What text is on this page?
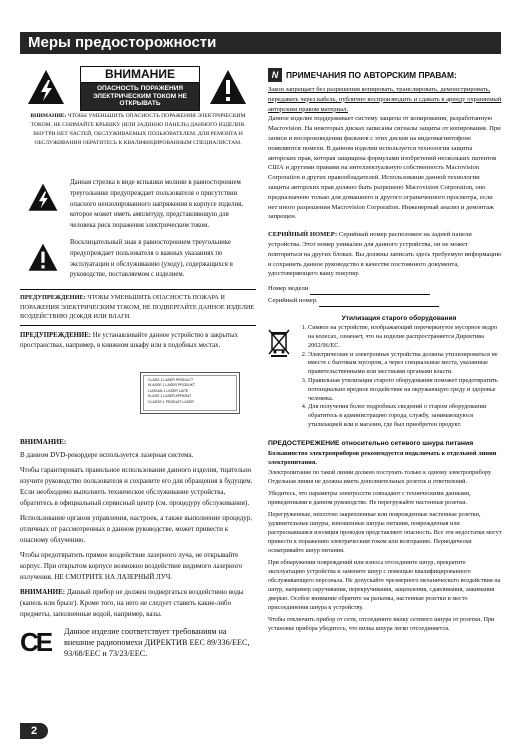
Меры предосторожности
ВНИМАНИЕ
ОПАСНОСТЬ ПОРАЖЕНИЯ ЭЛЕКТРИЧЕСКИМ ТОКОМ НЕ ОТКРЫВАТЬ
ВНИМАНИЕ: ЧТОБЫ УМЕНЬШИТЬ ОПАСНОСТЬ ПОРАЖЕНИЯ ЭЛЕКТРИЧЕСКИМ ТОКОМ, НЕ СНИМАЙТЕ КРЫШКУ (ИЛИ ЗАДНЮЮ ПАНЕЛЬ) ДАННОГО ИЗДЕЛИЯ. ВНУТРИ НЕТ ЧАСТЕЙ, ОБСЛУЖИВАЕМЫХ ПОЛЬЗОВАТЕЛЕМ. ДЛЯ РЕМОНТА И ОБСЛУЖИВАНИЯ ОБРАТИТЕСЬ К КВАЛИФИЦИРОВАННЫМ СПЕЦИАЛИСТАМ.

Данная стрелка в виде вспышки молнии в равностороннем треугольнике предупреждает пользователя о присутствии опасного неизолированного напряжения в корпусе изделия, которое может иметь амплитуду, представляющую для человека риск поражения электрическим током.

Восклицательный знак в равностороннем треугольнике предупреждает пользователя о важных указаниях по эксплуатации и обслуживанию (уходу), содержащихся в руководстве, поставляемом с изделием.

ПРЕДУПРЕЖДЕНИЕ: ЧТОБЫ УМЕНЬШИТЬ ОПАСНОСТЬ ПОЖАРА И ПОРАЖЕНИЯ ЭЛЕКТРИЧЕСКИМ ТОКОМ, НЕ ПОДВЕРГАЙТЕ ДАННОЕ ИЗДЕЛИЕ ВОЗДЕЙСТВИЮ ДОЖДЯ ИЛИ ВЛАГИ.

ПРЕДУПРЕЖДЕНИЕ: Не устанавливайте данное устройство в закрытых пространствах, например, в книжном шкафу или в подобных местах.

CLASS 1 LASER PRODUCT
KLASSE 1 LASER PRODUKT
LUOKAN 1 LASER LAITE
KLASS 1 LASER APPARAT
CLASSE 1 PRODUIT LASER

ВНИМАНИЕ:

В данном DVD-рекордере используется лазерная система.

Чтобы гарантировать правильное использование данного изделия, тщательно изучите руководство пользователя и сохраните его для обращения в будущем. Если необходимо выполнить техническое обслуживание устройства, обратитесь в официальный сервисный центр (см. процедуру обслуживания).

Использование органов управления, настроек, а также выполнение процедур, отличных от рассмотренных в данном руководстве, может привести к опасному облучению.

Чтобы предотвратить прямое воздействие лазерного луча, не открывайте корпус. При открытом корпусе возможно воздействие видимого лазерного излучения. НЕ СМОТРИТЕ НА ЛАЗЕРНЫЙ ЛУЧ.

ВНИМАНИЕ: Данный прибор не должен подвергаться воздействию воды (капель или брызг). Кроме того, на него не следует ставить какие-либо предметы, заполненные водой, например, вазы.

CE	Данное изделие соответствует требованиям на внешние радиопомехи ДИРЕКТИВ EEC 89/336/EEC, 93/68/EEC и 73/23/EEC.

N ПРИМЕЧАНИЯ ПО АВТОРСКИМ ПРАВАМ:

Закон запрещает без разрешения копировать, транслировать, демонстрировать, передавать через кабель, публично воспроизводить и сдавать в аренду охраняемый авторским правом материал.

Данное изделие поддерживает систему защиты от копирования, разработанную Macrovision. На некоторых дисках записаны сигналы защиты от копирования. При записи и воспроизведении фильмов с этих дисков на видеомагнитофоне появляются помехи. В данном изделии используется технология защиты авторских прав, которая защищена формулами изобретений нескольких патентов США и другими правами на интеллектуальную собственность Macrovision Corporation и других правообладателей. Использование данной технологии защиты авторских прав должно быть разрешено Macrovision Corporation, оно предназначено только для домашнего и другого ограниченного просмотра, если нет иного разрешения Macrovision Corporation. Инженерный анализ и демонтаж запрещен.

СЕРИЙНЫЙ НОМЕР: Серийный номер расположен на задней панели устройства. Этот номер уникален для данного устройства, он не может повторяться на других блоках. Вы должны записать здесь требуемую информацию и сохранить данное руководство в качестве постоянного документа, удостоверяющего вашу покупку.

Номер модели
Серийный номер.
Утилизация старого оборудования
1. Символ на устройстве, изображающий перечеркнутое мусорное ведро на колесах, означает, что на изделие распространяется Директива 2002/96/EC.
2. Электрические и электронные устройства должны утилизироваться не вместе с бытовым мусором, а через специальные места, указанные правительственными или местными органами власти.
3. Правильная утилизация старого оборудования поможет предотвратить потенциально вредное воздействие на окружающую среду и здоровье человека.
4. Для получения более подробных сведений о старом оборудовании обратитесь в администрацию города, службу, занимающуюся утилизацией или в магазин, где был приобретен продукт.

ПРЕДОСТЕРЕЖЕНИЕ относительно сетевого шнура питания

Большинство электроприборов рекомендуется подключать к отдельной линии электропитания.

Электропитание по такой линии должно поступать только к одному электроприбору. Отдельная линия не должна иметь дополнительных розеток и ответвлений.

Убедитесь, что параметры электросети совпадают с техническими данными, приведенными в данном руководстве. Не перегружайте настенные розетки.

Перегруженные, неплотно закрепленные или поврежденные настенные розетки, удлинительные шнуры, изношенные шнуры питания, поврежденная или растрескавшаяся изоляция проводов представляют опасность. Все эти недостатки могут привести к поражению электрическим током или возгоранию. Периодически осматривайте шнур питания.

При обнаружении повреждений или износа отсоедините шнур, прекратите эксплуатацию устройства и замените шнур с помощью квалифицированного обслуживающего персонала. Не допускайте чрезмерного механического воздействия на шнур, например скручивания, перекручивания, защемления, сдавливания, зажимания дверью. Особое внимание обратите на разъемы, настенные розетки и место присоединения шнура к устройству.

Чтобы отключить прибор от сети, отсоедините вилку сетевого шнура от розетки. При установке прибора убедитесь, что вилка шнура легко отсоединяется.

2
